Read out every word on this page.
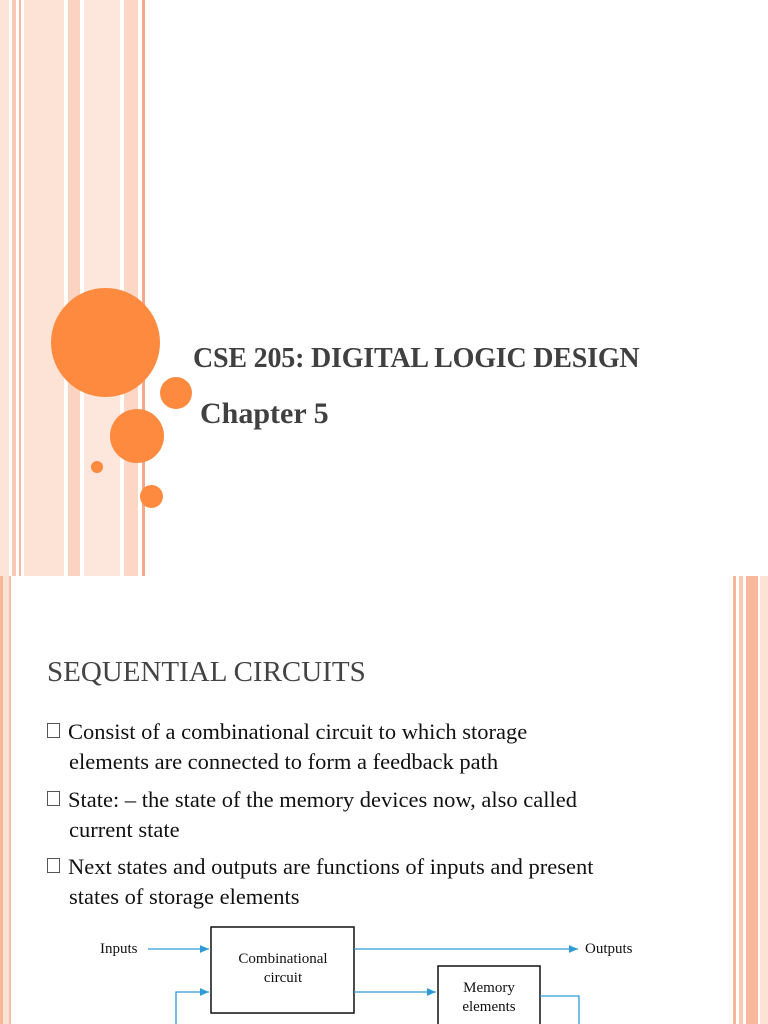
CSE 205: DIGITAL LOGIC DESIGN
Chapter 5
SEQUENTIAL CIRCUITS
Consist of a combinational circuit to which storage
elements are connected to form a feedback path
State: – the state of the memory devices now, also called
current state
Next states and outputs are functions of inputs and present
states of storage elements
Inputs
Combinational
circuit
Outputs
Memory
elements
